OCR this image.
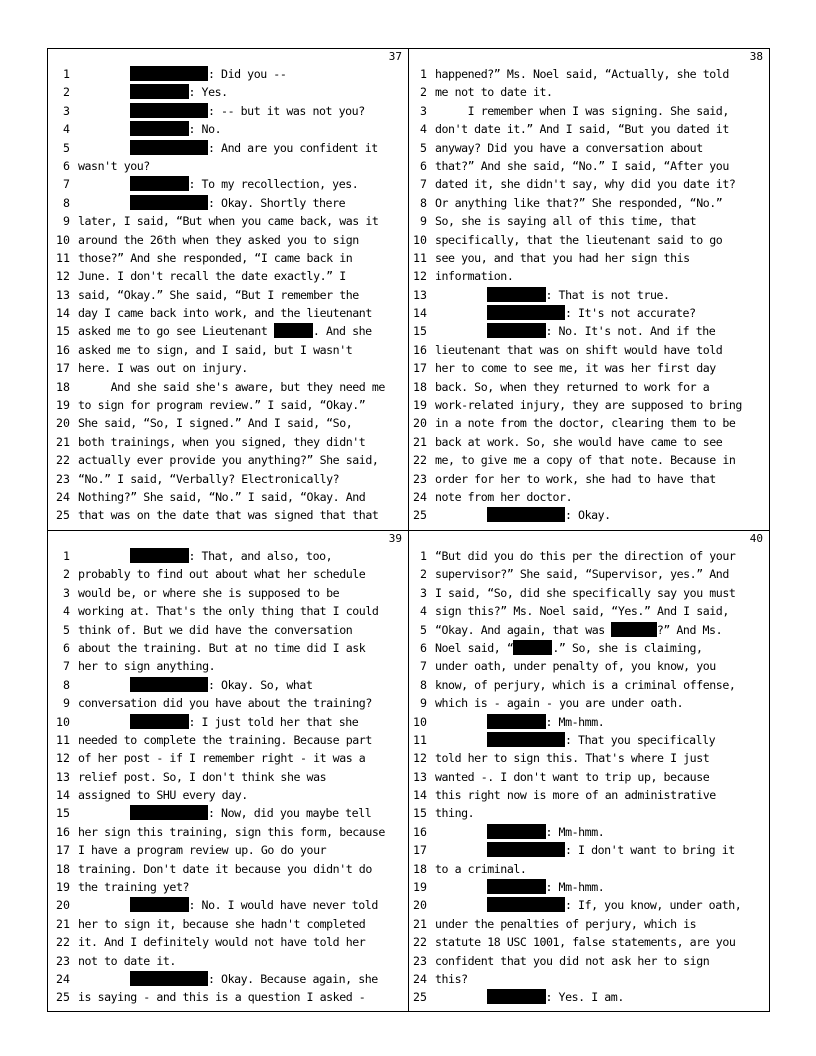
37
1	: Did you --
2	: Yes.
3	: -- but it was not you?
4	: No.
5	: And are you confident it
6 wasn't you?
7	: To my recollection, yes.
8	: Okay. Shortly there
9 later, I said, “But when you came back, was it
10 around the 26th when they asked you to sign
11 those?” And she responded, “I came back in
12 June. I don't recall the date exactly.” I
13 said, “Okay.” She said, “But I remember the
14 day I came back into work, and the lieutenant
15 asked me to go see Lieutenant	. And she
16 asked me to sign, and I said, but I wasn't
17 here. I was out on injury.
18 And she said she's aware, but they need me
19 to sign for program review.” I said, “Okay.”
20 She said, “So, I signed.” And I said, “So,
21 both trainings, when you signed, they didn't
22 actually ever provide you anything?” She said,
23 “No.” I said, “Verbally? Electronically?
24 Nothing?” She said, “No.” I said, “Okay. And
25 that was on the date that was signed that that
38
1 happened?” Ms. Noel said, “Actually, she told
2 me not to date it.
3 I remember when I was signing. She said,
4 don't date it.” And I said, “But you dated it
5 anyway? Did you have a conversation about
6 that?” And she said, “No.” I said, “After you
7 dated it, she didn't say, why did you date it?
8 Or anything like that?” She responded, “No.”
9 So, she is saying all of this time, that
10 specifically, that the lieutenant said to go
11 see you, and that you had her sign this
12 information.
13	: That is not true.
14	: It's not accurate?
15	: No. It's not. And if the
16 lieutenant that was on shift would have told
17 her to come to see me, it was her first day
18 back. So, when they returned to work for a
19 work-related injury, they are supposed to bring
20 in a note from the doctor, clearing them to be
21 back at work. So, she would have came to see
22 me, to give me a copy of that note. Because in
23 order for her to work, she had to have that
24 note from her doctor.
25	: Okay.
39
1	: That, and also, too,
2 probably to find out about what her schedule
3 would be, or where she is supposed to be
4 working at. That's the only thing that I could
5 think of. But we did have the conversation
6 about the training. But at no time did I ask
7 her to sign anything.
8	: Okay. So, what
9 conversation did you have about the training?
10	: I just told her that she
11 needed to complete the training. Because part
12 of her post - if I remember right - it was a
13 relief post. So, I don't think she was
14 assigned to SHU every day.
15	: Now, did you maybe tell
16 her sign this training, sign this form, because
17 I have a program review up. Go do your
18 training. Don't date it because you didn't do
19 the training yet?
20	: No. I would have never told
21 her to sign it, because she hadn't completed
22 it. And I definitely would not have told her
23 not to date it.
24	: Okay. Because again, she
25 is saying - and this is a question I asked -
40
1 “But did you do this per the direction of your
2 supervisor?” She said, “Supervisor, yes.” And
3 I said, “So, did she specifically say you must
4 sign this?” Ms. Noel said, “Yes.” And I said,
5 “Okay. And again, that was	?” And Ms.
6 Noel said, “	.” So, she is claiming,
7 under oath, under penalty of, you know, you
8 know, of perjury, which is a criminal offense,
9 which is - again - you are under oath.
10	: Mm-hmm.
11	: That you specifically
12 told her to sign this. That's where I just
13 wanted -. I don't want to trip up, because
14 this right now is more of an administrative
15 thing.
16	: Mm-hmm.
17	: I don't want to bring it
18 to a criminal.
19	: Mm-hmm.
20	: If, you know, under oath,
21 under the penalties of perjury, which is
22 statute 18 USC 1001, false statements, are you
23 confident that you did not ask her to sign
24 this?
25	: Yes. I am.
